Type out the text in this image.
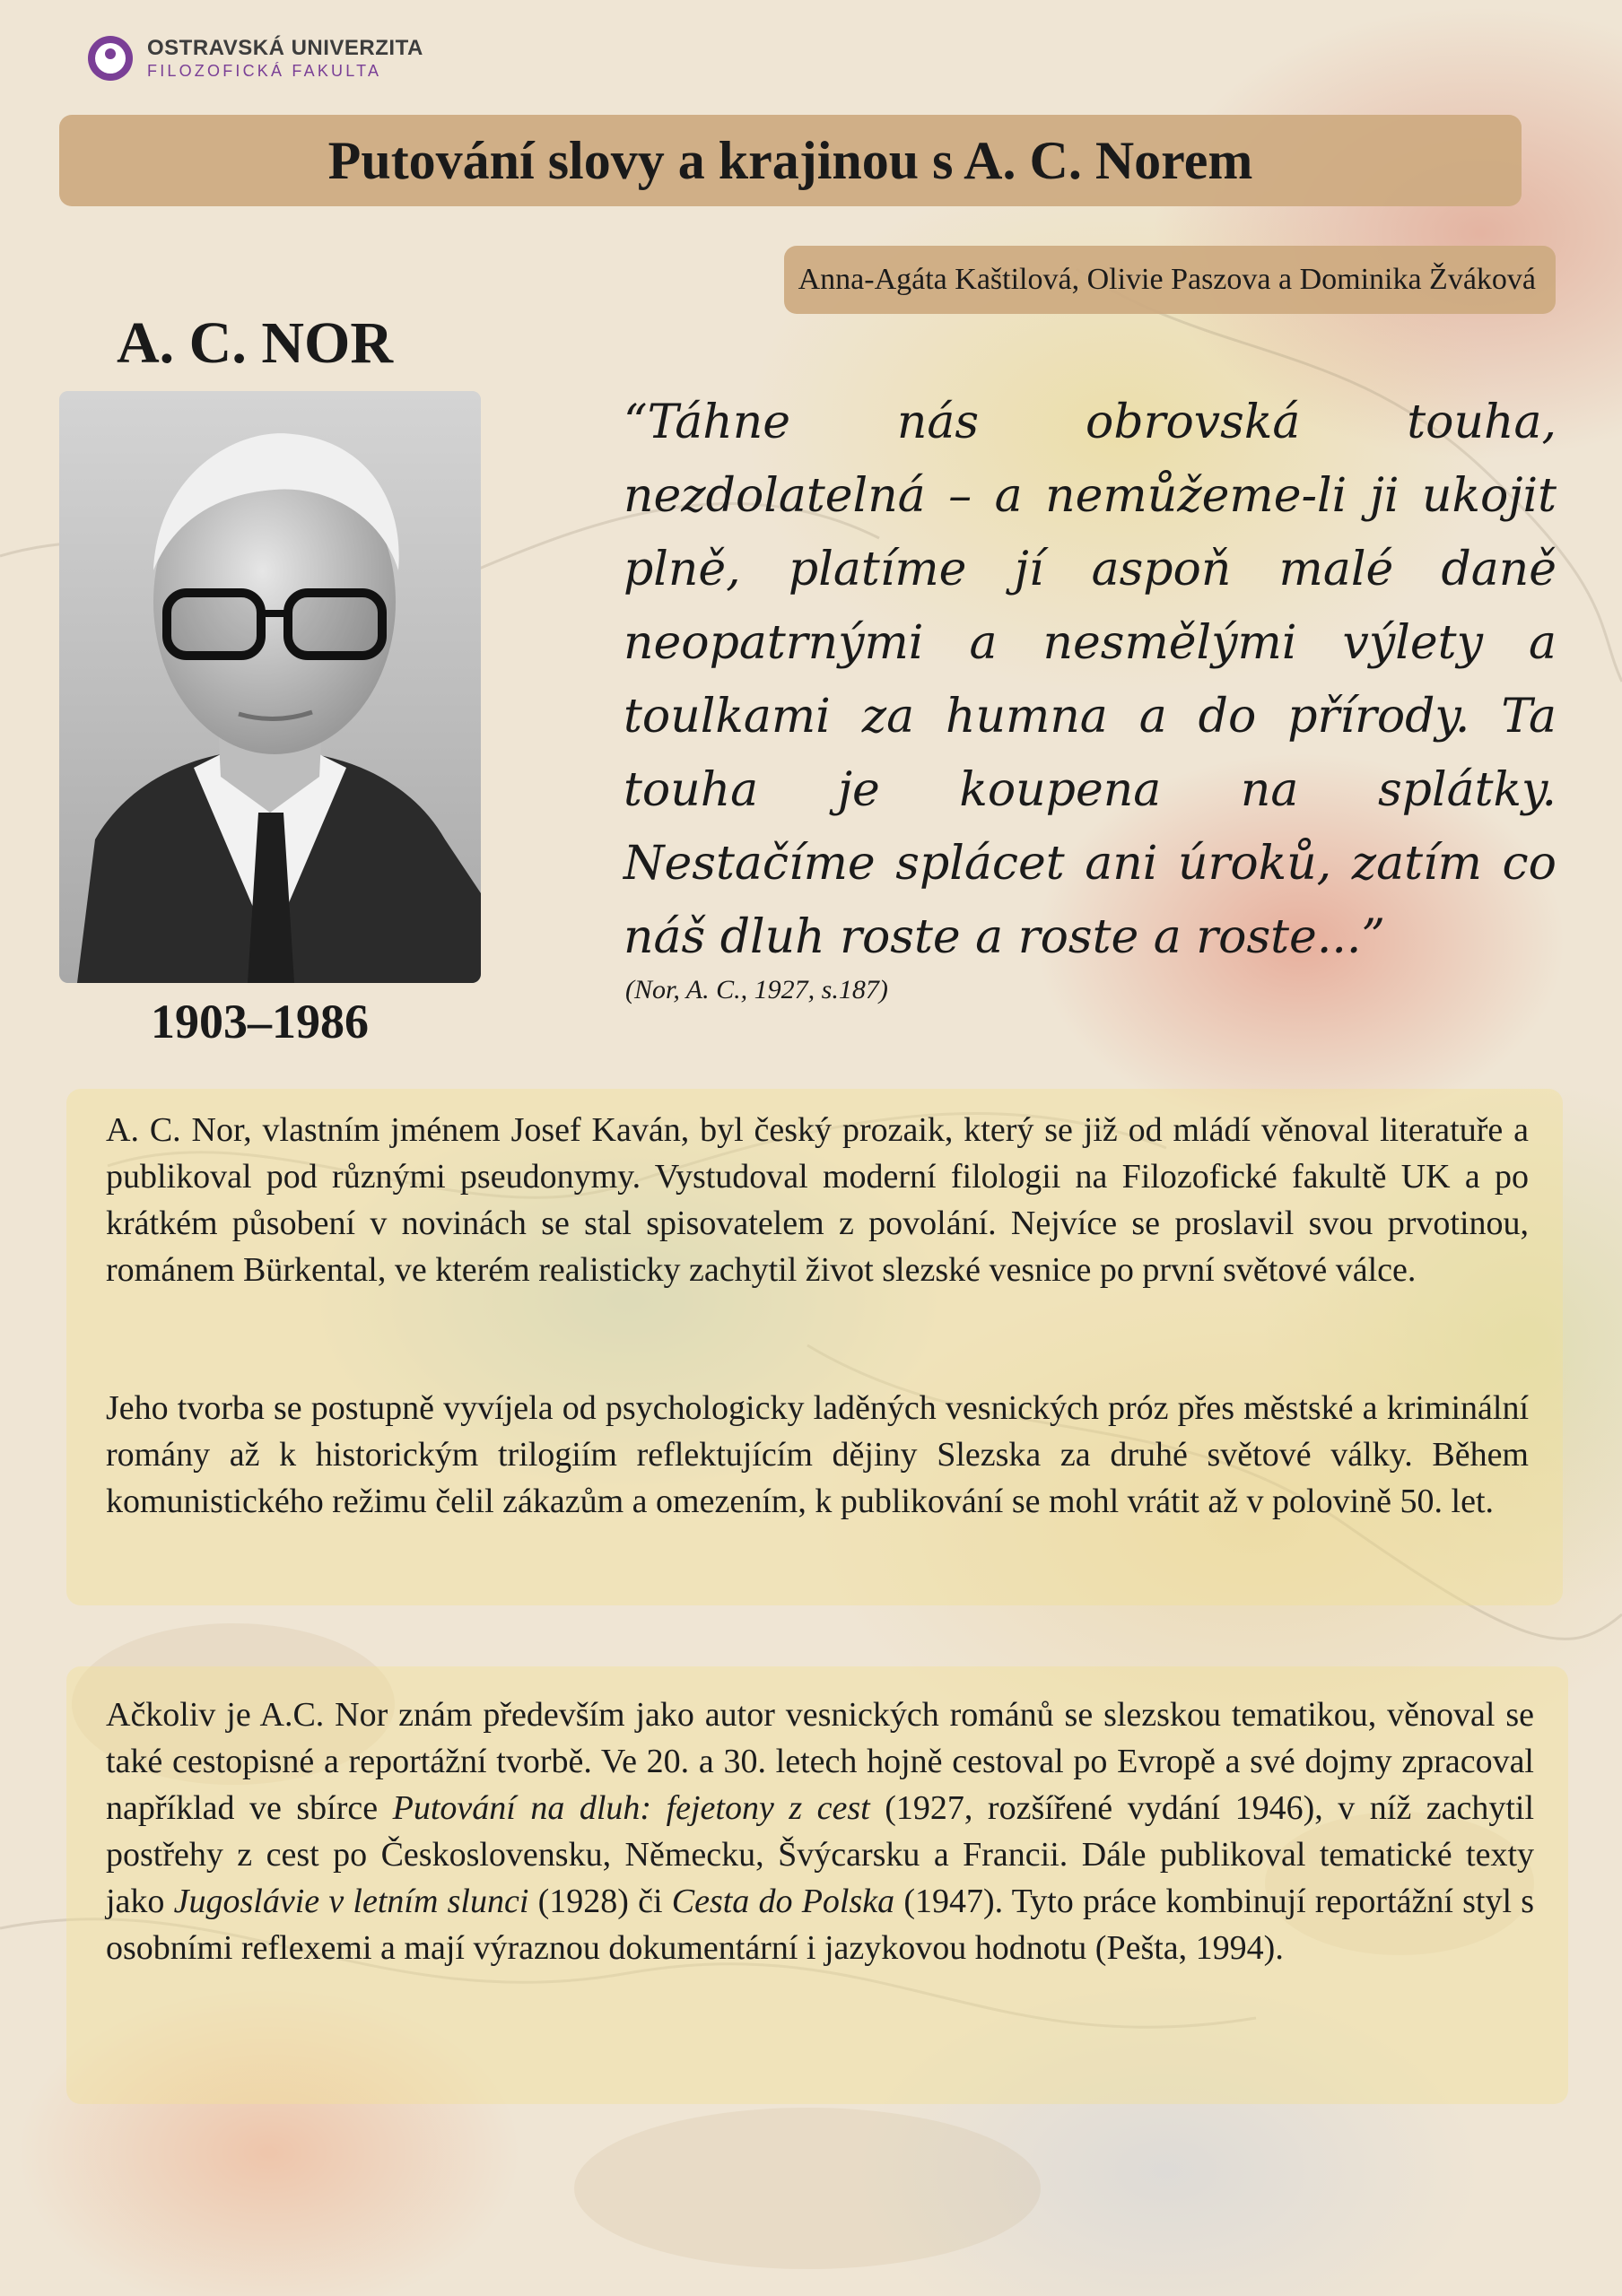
OSTRAVSKÁ UNIVERZITA
FILOZOFICKÁ FAKULTA
Putování slovy a krajinou s A. C. Norem
Anna-Agáta Kaštilová, Olivie Paszova a Dominika Žváková
A. C. NOR
1903–1986

“Táhne nás obrovská touha, nezdolatelná – a nemůžeme-li ji ukojit plně, platíme jí aspoň malé daně neopatrnými a nesmělými výlety a toulkami za humna a do přírody. Ta touha je koupena na splátky. Nestačíme splácet ani úroků, zatím co náš dluh roste a roste a roste...”

(Nor, A. C., 1927, s.187)

A. C. Nor, vlastním jménem Josef Kaván, byl český prozaik, který se již od mládí věnoval literatuře a publikoval pod různými pseudonymy. Vystudoval moderní filologii na Filozofické fakultě UK a po krátkém působení v novinách se stal spisovatelem z povolání. Nejvíce se proslavil svou prvotinou, románem Bürkental, ve kterém realisticky zachytil život slezské vesnice po první světové válce.

Jeho tvorba se postupně vyvíjela od psychologicky laděných vesnických próz přes městské a kriminální romány až k historickým trilogiím reflektujícím dějiny Slezska za druhé světové války. Během komunistického režimu čelil zákazům a omezením, k publikování se mohl vrátit až v polovině 50. let.

Ačkoliv je A.C. Nor znám především jako autor vesnických románů se slezskou tematikou, věnoval se také cestopisné a reportážní tvorbě. Ve 20. a 30. letech hojně cestoval po Evropě a své dojmy zpracoval například ve sbírce Putování na dluh: fejetony z cest (1927, rozšířené vydání 1946), v níž zachytil postřehy z cest po Československu, Německu, Švýcarsku a Francii. Dále publikoval tematické texty jako Jugoslávie v letním slunci (1928) či Cesta do Polska (1947). Tyto práce kombinují reportážní styl s osobními reflexemi a mají výraznou dokumentární i jazykovou hodnotu (Pešta, 1994).
